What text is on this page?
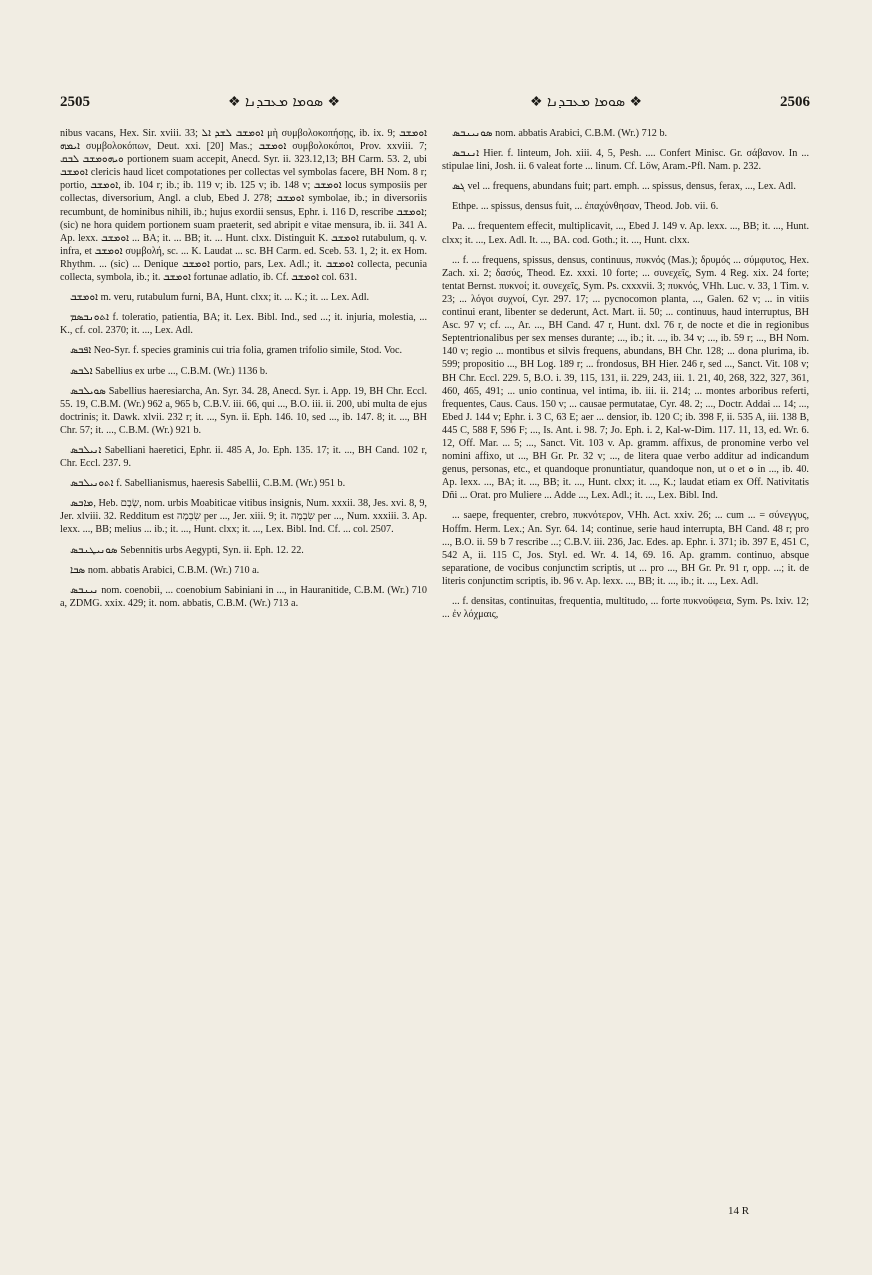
2505	❖ ܣܘܡܐ ܡܥܒܕܢܐ ❖	❖ ܣܘܡܐ ܡܥܒܕܢܐ ❖	2506

nibus vacans, Hex. Sir. xviii. 33; ܐܘܡܫܒ ܠܫܕ ܐܠ μὴ συμβολοκοπήσῃς, ib. ix. 9; ܐܘܡܫܒ ܐܝܡܗ συμβολοκόπων, Deut. xxi. [20] Mas.; ܐܘܡܫܒ συμβολοκόποι, Prov. xxviii. 7; ܘܝܗܘܡܫܒ ܠܒܩ portionem suam accepit, Anecd. Syr. ii. 323.12,13; BH Carm. 53. 2, ubi ܐܘܡܫܒ clericis haud licet compotationes per collectas vel symbolas facere, BH Nom. 8 r; portio, ܐܘܡܫܒ, ib. 104 r; ib.; ib. 119 v; ib. 125 v; ib. 148 v; ܐܘܡܫܒ locus symposiis per collectas, diversorium, Angl. a club, Ebed J. 278; ܐܘܡܫܒ symbolae, ib.; in diversoriis recumbunt, de hominibus nihili, ib.; hujus exordii sensus, Ephr. i. 116 D, rescribe ܐܘܡܫܒ; (sic) ne hora quidem portionem suam praeterit, sed abripit e vitae mensura, ib. ii. 341 A. Ap. lexx. ܐܘܡܫܒ ... BA; it. ... BB; it. ... Hunt. clxx. Distinguit K. ܐܘܡܫܒ rutabulum, q. v. infra, et ܐܘܡܫܒ συμβολή, sc. ... K. Laudat ... sc. BH Carm. ed. Sceb. 53. 1, 2; it. ex Hom. Rhythm. ... (sic) ... Denique ܐܘܡܫܒ portio, pars, Lex. Adl.; it. ܐܘܡܫܒ collecta, pecunia collecta, symbola, ib.; it. ܐܘܡܫܒ fortunae adlatio, ib. Cf. ܐܘܡܫܒ col. 631.

ܐܘܡܫܒ m. veru, rutabulum furni, BA, Hunt. clxx; it. ... K.; it. ... Lex. Adl.

ܐܬܘܢܒܣܡ f. toleratio, patientia, BA; it. Lex. Bibl. Ind., sed ...; it. injuria, molestia, ... K., cf. col. 2370; it. ..., Lex. Adl.

ܐܦܒܣ Neo-Syr. f. species graminis cui tria folia, gramen trifolio simile, Stod. Voc.

ܐܠܒܣ Sabellius ex urbe ..., C.B.M. (Wr.) 1136 b.

ܣܘܝܠܒܣ Sabellius haeresiarcha, An. Syr. 34. 28, Anecd. Syr. i. App. 19, BH Chr. Eccl. 55. 19, C.B.M. (Wr.) 962 a, 965 b, C.B.V. iii. 66, qui ..., B.O. iii. ii. 200, ubi multa de ejus doctrinis; it. Dawk. xlvii. 232 r; it. ..., Syn. ii. Eph. 146. 10, sed ..., ib. 147. 8; it. ..., BH Chr. 57; it. ..., C.B.M. (Wr.) 921 b.

ܐܢܝܠܒܣ Sabelliani haeretici, Ephr. ii. 485 A, Jo. Eph. 135. 17; it. ..., BH Cand. 102 r, Chr. Eccl. 237. 9.

ܐܬܘܢܝܠܒܣ f. Sabellianismus, haeresis Sabellii, C.B.M. (Wr.) 951 b.

ܡܐܒܣ, Heb. שְׂבָם, nom. urbis Moabiticae vitibus insignis, Num. xxxii. 38, Jes. xvi. 8, 9, Jer. xlviii. 32. Redditum est שִׂבְמָה per ..., Jer. xiii. 9; it. שִׂבְמָה per ..., Num. xxxiii. 3. Ap. lexx. ..., BB; melius ... ib.; it. ..., Hunt. clxx; it. ..., Lex. Bibl. Ind. Cf. ... col. 2507.

ܣܘܢܝܛܢܒܣ Sebennitis urbs Aegypti, Syn. ii. Eph. 12. 22.

ܣܒܐ nom. abbatis Arabici, C.B.M. (Wr.) 710 a.

ܢܝܢܒܣ nom. coenobii, ... coenobium Sabiniani in ..., in Hauranitide, C.B.M. (Wr.) 710 a, ZDMG. xxix. 429; it. nom. abbatis, C.B.M. (Wr.) 713 a.

ܣܘܢܝܢܒܣ nom. abbatis Arabici, C.B.M. (Wr.) 712 b.

ܐܢܢܒܣ Hier. f. linteum, Joh. xiii. 4, 5, Pesh. .... Confert Minisc. Gr. σάβανον. In ... stipulae lini, Josh. ii. 6 valeat forte ... linum. Cf. Löw, Aram.-Pfl. Nam. p. 232.

ܓܣ vel ... frequens, abundans fuit; part. emph. ... spissus, densus, ferax, ..., Lex. Adl.

Ethpe. ... spissus, densus fuit, ... ἐπαχύνθησαν, Theod. Job. vii. 6.

Pa. ... frequentem effecit, multiplicavit, ..., Ebed J. 149 v. Ap. lexx. ..., BB; it. ..., Hunt. clxx; it. ..., Lex. Adl. It. ..., BA. cod. Goth.; it. ..., Hunt. clxx.

... f. ... frequens, spissus, densus, continuus, πυκνός (Mas.); δρυμός ... σύμφυτος, Hex. Zach. xi. 2; δασύς, Theod. Ez. xxxi. 10 forte; ... συνεχεῖς, Sym. 4 Reg. xix. 24 forte; tentat Bernst. πυκνοί; it. συνεχεῖς, Sym. Ps. cxxxvii. 3; πυκνός, VHh. Luc. v. 33, 1 Tim. v. 23; ... λόγοι συχνοί, Cyr. 297. 17; ... pycnocomon planta, ..., Galen. 62 v; ... in vitiis continui erant, libenter se dederunt, Act. Mart. ii. 50; ... continuus, haud interruptus, BH Asc. 97 v; cf. ..., Ar. ..., BH Cand. 47 r, Hunt. dxl. 76 r, de nocte et die in regionibus Septentrionalibus per sex menses durante; ..., ib.; it. ..., ib. 34 v; ..., ib. 59 r; ..., BH Nom. 140 v; regio ... montibus et silvis frequens, abundans, BH Chr. 128; ... dona plurima, ib. 599; propositio ..., BH Log. 189 r; ... frondosus, BH Hier. 246 r, sed ..., Sanct. Vit. 108 v; BH Chr. Eccl. 229. 5, B.O. i. 39, 115, 131, ii. 229, 243, iii. 1. 21, 40, 268, 322, 327, 361, 460, 465, 491; ... unio continua, vel intima, ib. iii. ii. 214; ... montes arboribus referti, frequentes, Caus. Caus. 150 v; ... causae permutatae, Cyr. 48. 2; ..., Doctr. Addai ... 14; ..., Ebed J. 144 v; Ephr. i. 3 C, 63 E; aer ... densior, ib. 120 C; ib. 398 F, ii. 535 A, iii. 138 B, 445 C, 588 F, 596 F; ..., Is. Ant. i. 98. 7; Jo. Eph. i. 2, Kal-w-Dim. 117. 11, 13, ed. Wr. 6. 12, Off. Mar. ... 5; ..., Sanct. Vit. 103 v. Ap. gramm. affixus, de pronomine verbo vel nomini affixo, ut ..., BH Gr. Pr. 32 v; ..., de litera quae verbo additur ad indicandum genus, personas, etc., et quandoque pronuntiatur, quandoque non, ut o et ܘ in ..., ib. 40. Ap. lexx. ..., BA; it. ..., BB; it. ..., Hunt. clxx; it. ..., K.; laudat etiam ex Off. Nativitatis Dñi ... Orat. pro Muliere ... Adde ..., Lex. Adl.; it. ..., Lex. Bibl. Ind.

... saepe, frequenter, crebro, πυκνότερον, VHh. Act. xxiv. 26; ... cum ... = σύνεγγυς, Hoffm. Herm. Lex.; An. Syr. 64. 14; continue, serie haud interrupta, BH Cand. 48 r; pro ..., B.O. ii. 59 b 7 rescribe ...; C.B.V. iii. 236, Jac. Edes. ap. Ephr. i. 371; ib. 397 E, 451 C, 542 A, ii. 115 C, Jos. Styl. ed. Wr. 4. 14, 69. 16. Ap. gramm. continuo, absque separatione, de vocibus conjunctim scriptis, ut ... pro ..., BH Gr. Pr. 91 r, opp. ...; it. de literis conjunctim scriptis, ib. 96 v. Ap. lexx. ..., BB; it. ..., ib.; it. ..., Lex. Adl.

... f. densitas, continuitas, frequentia, multitudo, ... forte πυκνοϋφεια, Sym. Ps. lxiv. 12; ... ἐν λόχμαις,

14 R
